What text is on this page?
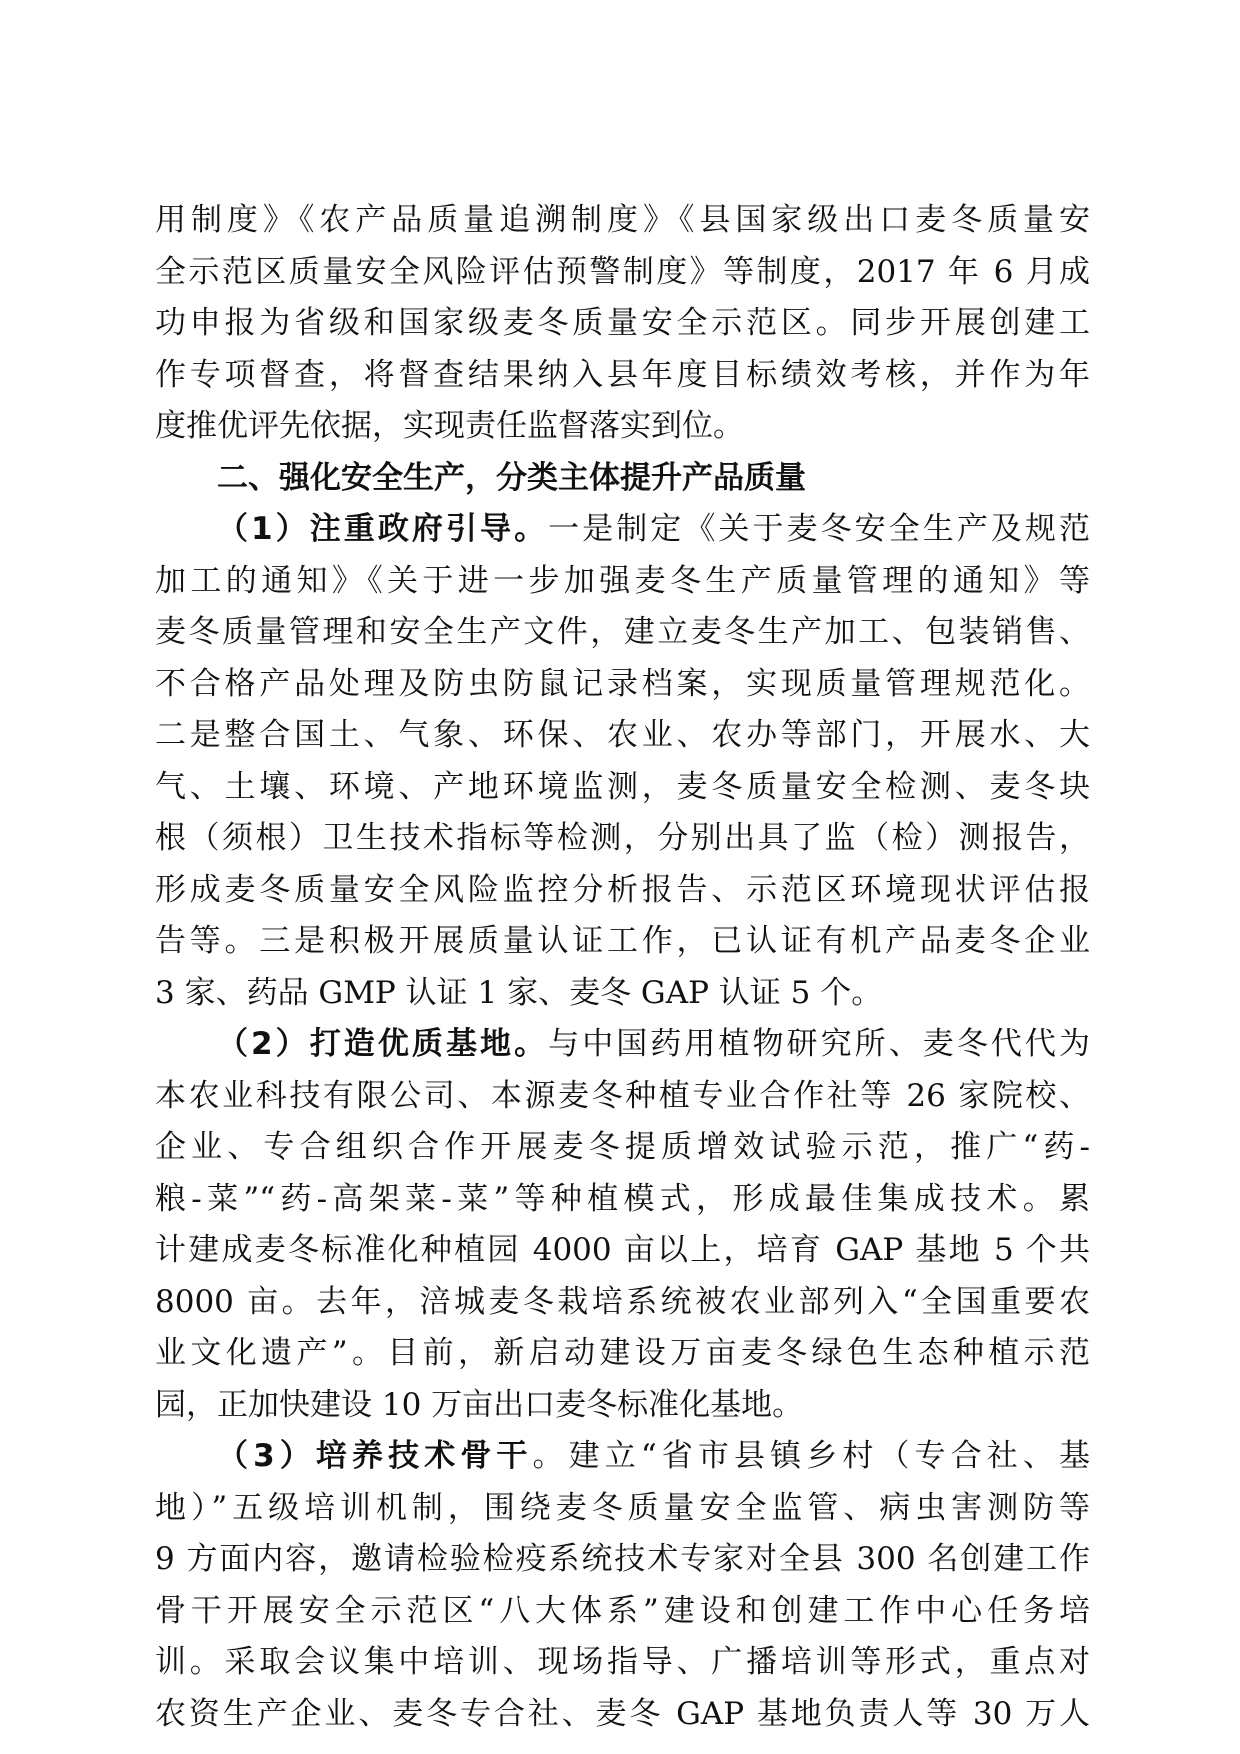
用制度》《农产品质量追溯制度》《县国家级出口麦冬质量安
全示范区质量安全风险评估预警制度》等制度，2017 年 6 月成
功申报为省级和国家级麦冬质量安全示范区。同步开展创建工
作专项督查，将督查结果纳入县年度目标绩效考核，并作为年
度推优评先依据，实现责任监督落实到位。
二、强化安全生产，分类主体提升产品质量
（1）注重政府引导。一是制定《关于麦冬安全生产及规范
加工的通知》《关于进一步加强麦冬生产质量管理的通知》等
麦冬质量管理和安全生产文件，建立麦冬生产加工、包装销售、
不合格产品处理及防虫防鼠记录档案，实现质量管理规范化。
二是整合国土、气象、环保、农业、农办等部门，开展水、大
气、土壤、环境、产地环境监测，麦冬质量安全检测、麦冬块
根（须根）卫生技术指标等检测，分别出具了监（检）测报告，
形成麦冬质量安全风险监控分析报告、示范区环境现状评估报
告等。三是积极开展质量认证工作，已认证有机产品麦冬企业
3 家、药品 GMP 认证 1 家、麦冬 GAP 认证 5 个。
（2）打造优质基地。与中国药用植物研究所、麦冬代代为
本农业科技有限公司、本源麦冬种植专业合作社等 26 家院校、
企业、专合组织合作开展麦冬提质增效试验示范，推广“药-
粮-菜”“药-高架菜-菜”等种植模式，形成最佳集成技术。累
计建成麦冬标准化种植园 4000 亩以上，培育 GAP 基地 5 个共
8000 亩。去年，涪城麦冬栽培系统被农业部列入“全国重要农
业文化遗产”。目前，新启动建设万亩麦冬绿色生态种植示范
园，正加快建设 10 万亩出口麦冬标准化基地。
（3）培养技术骨干。建立“省市县镇乡村（专合社、基
地）”五级培训机制，围绕麦冬质量安全监管、病虫害测防等
9 方面内容，邀请检验检疫系统技术专家对全县 300 名创建工作
骨干开展安全示范区“八大体系”建设和创建工作中心任务培
训。采取会议集中培训、现场指导、广播培训等形式，重点对
农资生产企业、麦冬专合社、麦冬 GAP 基地负责人等 30 万人
